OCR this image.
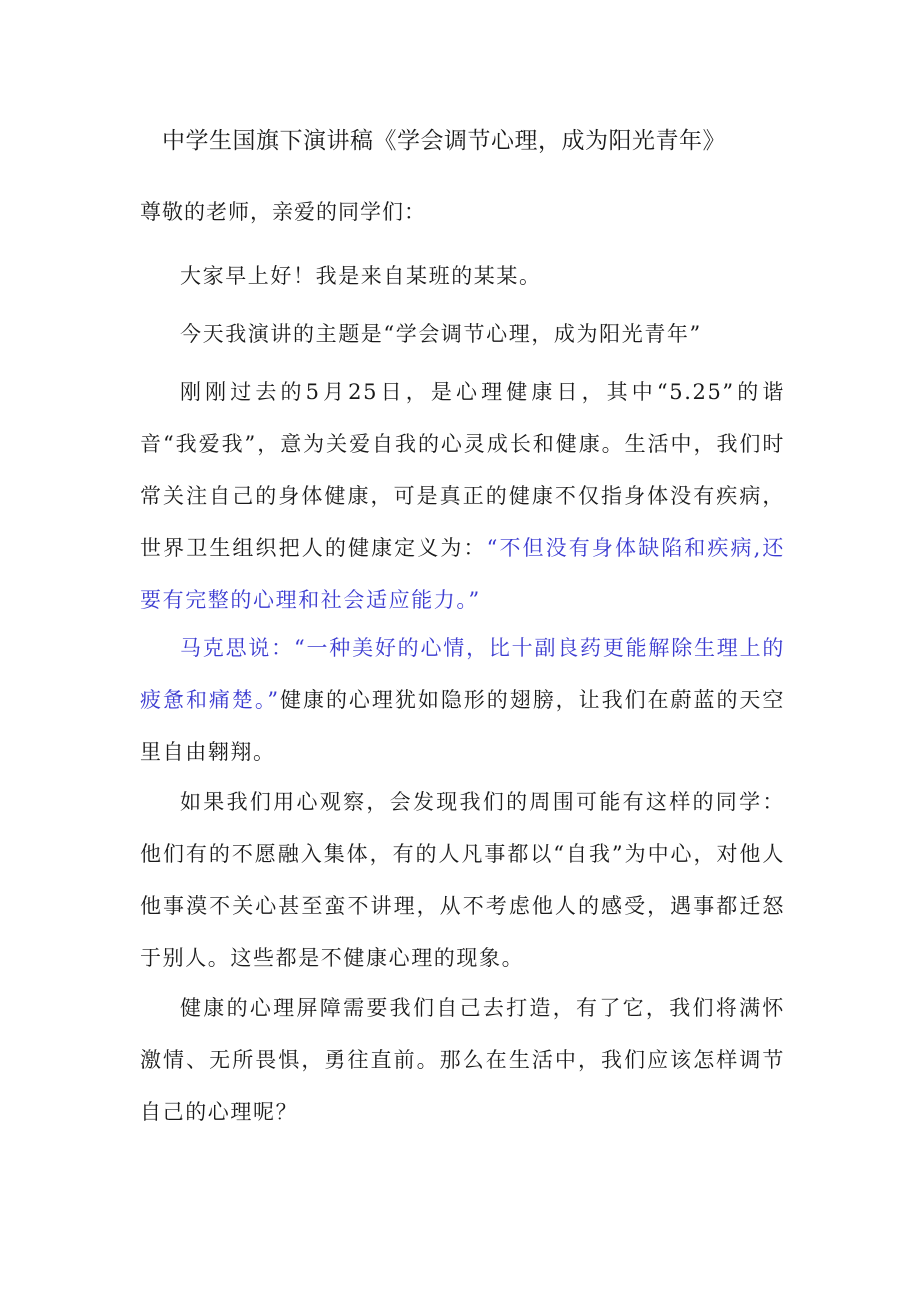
中学生国旗下演讲稿《学会调节心理，成为阳光青年》
尊敬的老师，亲爱的同学们：

大家早上好！我是来自某班的某某。

今天我演讲的主题是“学会调节心理，成为阳光青年”

刚刚过去的5月25日，是心理健康日，其中“5.25”的谐音“我爱我”，意为关爱自我的心灵成长和健康。生活中，我们时常关注自己的身体健康，可是真正的健康不仅指身体没有疾病，世界卫生组织把人的健康定义为：“不但没有身体缺陷和疾病,还要有完整的心理和社会适应能力。”

马克思说：“一种美好的心情，比十副良药更能解除生理上的疲惫和痛楚。”健康的心理犹如隐形的翅膀，让我们在蔚蓝的天空里自由翱翔。

如果我们用心观察，会发现我们的周围可能有这样的同学：他们有的不愿融入集体，有的人凡事都以“自我”为中心，对他人他事漠不关心甚至蛮不讲理，从不考虑他人的感受，遇事都迁怒于别人。这些都是不健康心理的现象。

健康的心理屏障需要我们自己去打造，有了它，我们将满怀激情、无所畏惧，勇往直前。那么在生活中，我们应该怎样调节自己的心理呢？
